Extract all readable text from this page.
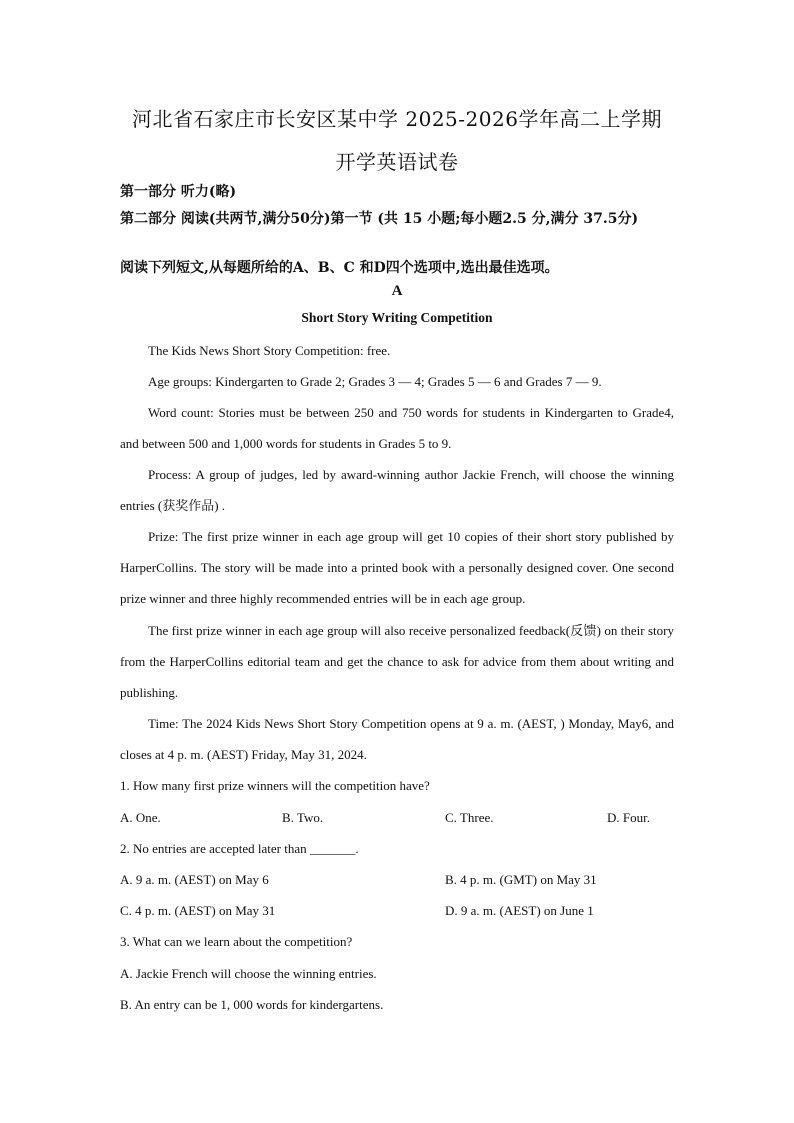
河北省石家庄市长安区某中学 2025-2026学年高二上学期
开学英语试卷
第一部分 听力(略)
第二部分 阅读(共两节,满分50分)第一节 (共 15 小题;每小题2.5 分,满分 37.5分)
阅读下列短文,从每题所给的A、B、C 和D四个选项中,选出最佳选项。
A
Short Story Writing Competition
The Kids News Short Story Competition: free.
Age groups: Kindergarten to Grade 2; Grades 3 — 4; Grades 5 — 6 and Grades 7 — 9.
Word count: Stories must be between 250 and 750 words for students in Kindergarten to Grade4, and between 500 and 1,000 words for students in Grades 5 to 9.
Process: A group of judges, led by award-winning author Jackie French, will choose the winning entries (获奖作品) .
Prize: The first prize winner in each age group will get 10 copies of their short story published by HarperCollins. The story will be made into a printed book with a personally designed cover. One second prize winner and three highly recommended entries will be in each age group.
The first prize winner in each age group will also receive personalized feedback(反馈) on their story from the HarperCollins editorial team and get the chance to ask for advice from them about writing and publishing.
Time: The 2024 Kids News Short Story Competition opens at 9 a. m. (AEST, ) Monday, May6, and closes at 4 p. m. (AEST) Friday, May 31, 2024.
1. How many first prize winners will the competition have?
A. One.	B. Two.	C. Three.	D. Four.
2. No entries are accepted later than _______.
A. 9 a. m. (AEST) on May 6	B. 4 p. m. (GMT) on May 31
C. 4 p. m. (AEST) on May 31	D. 9 a. m. (AEST) on June 1
3. What can we learn about the competition?
A. Jackie French will choose the winning entries.
B. An entry can be 1, 000 words for kindergartens.
